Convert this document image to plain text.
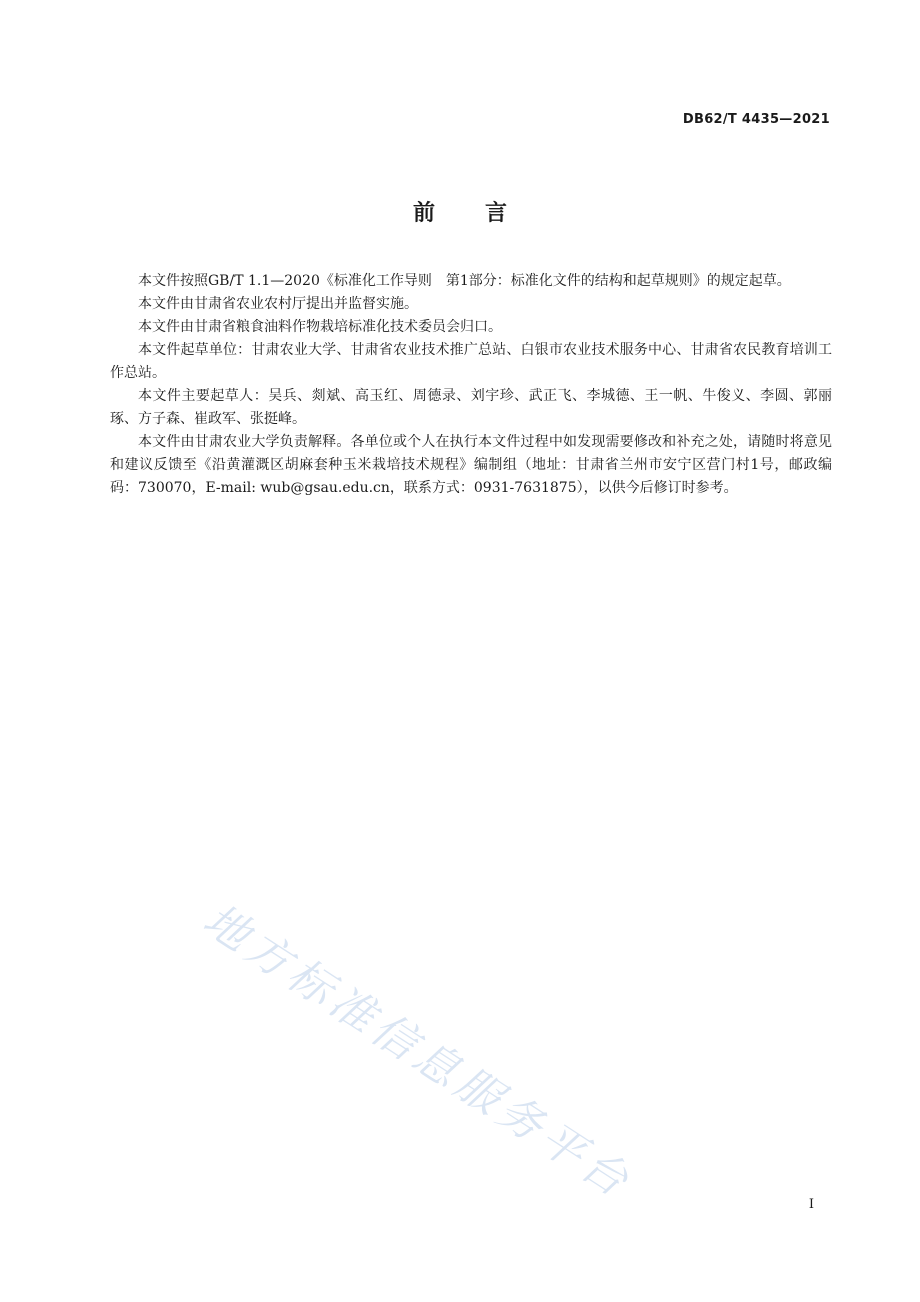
DB62/T 4435—2021
前言

本文件按照GB/T 1.1—2020《标准化工作导则　第1部分：标准化文件的结构和起草规则》的规定起草。

本文件由甘肃省农业农村厅提出并监督实施。

本文件由甘肃省粮食油料作物栽培标准化技术委员会归口。

本文件起草单位：甘肃农业大学、甘肃省农业技术推广总站、白银市农业技术服务中心、甘肃省农民教育培训工作总站。

本文件主要起草人：吴兵、剡斌、高玉红、周德录、刘宇珍、武正飞、李城德、王一帆、牛俊义、李圆、郭丽琢、方子森、崔政军、张挺峰。

本文件由甘肃农业大学负责解释。各单位或个人在执行本文件过程中如发现需要修改和补充之处，请随时将意见和建议反馈至《沿黄灌溉区胡麻套种玉米栽培技术规程》编制组（地址：甘肃省兰州市安宁区营门村1号，邮政编码：730070，E-mail: wub@gsau.edu.cn，联系方式：0931-7631875），以供今后修订时参考。

地方标准信息服务平台	I
